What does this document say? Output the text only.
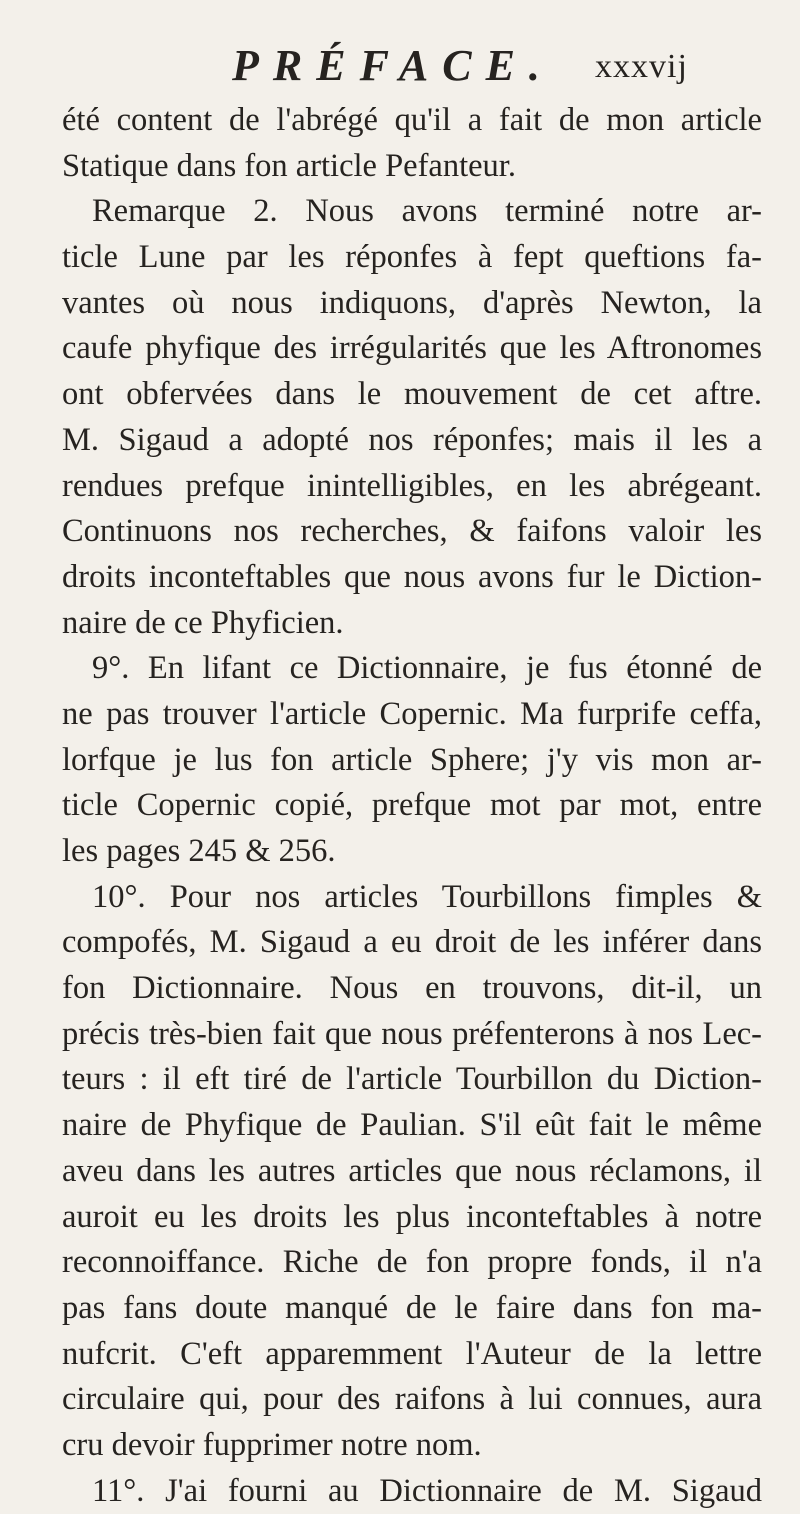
PRÉFACE. xxxvij
été content de l'abrégé qu'il a fait de mon article
Statique dans fon article Pefanteur.
Remarque 2. Nous avons terminé notre ar-
ticle Lune par les réponfes à fept queftions fa-
vantes où nous indiquons, d'après Newton, la
caufe phyfique des irrégularités que les Aftronomes
ont obfervées dans le mouvement de cet aftre.
M. Sigaud a adopté nos réponfes; mais il les a
rendues prefque inintelligibles, en les abrégeant.
Continuons nos recherches, & faifons valoir les
droits inconteftables que nous avons fur le Diction-
naire de ce Phyficien.
9°. En lifant ce Dictionnaire, je fus étonné de
ne pas trouver l'article Copernic. Ma furprife ceffa,
lorfque je lus fon article Sphere; j'y vis mon ar-
ticle Copernic copié, prefque mot par mot, entre
les pages 245 & 256.
10°. Pour nos articles Tourbillons fimples &
compofés, M. Sigaud a eu droit de les inférer dans
fon Dictionnaire. Nous en trouvons, dit-il, un
précis très-bien fait que nous préfenterons à nos Lec-
teurs : il eft tiré de l'article Tourbillon du Diction-
naire de Phyfique de Paulian. S'il eût fait le même
aveu dans les autres articles que nous réclamons, il
auroit eu les droits les plus inconteftables à notre
reconnoiffance. Riche de fon propre fonds, il n'a
pas fans doute manqué de le faire dans fon ma-
nufcrit. C'eft apparemment l'Auteur de la lettre
circulaire qui, pour des raifons à lui connues, aura
cru devoir fupprimer notre nom.
11°. J'ai fourni au Dictionnaire de M. Sigaud
